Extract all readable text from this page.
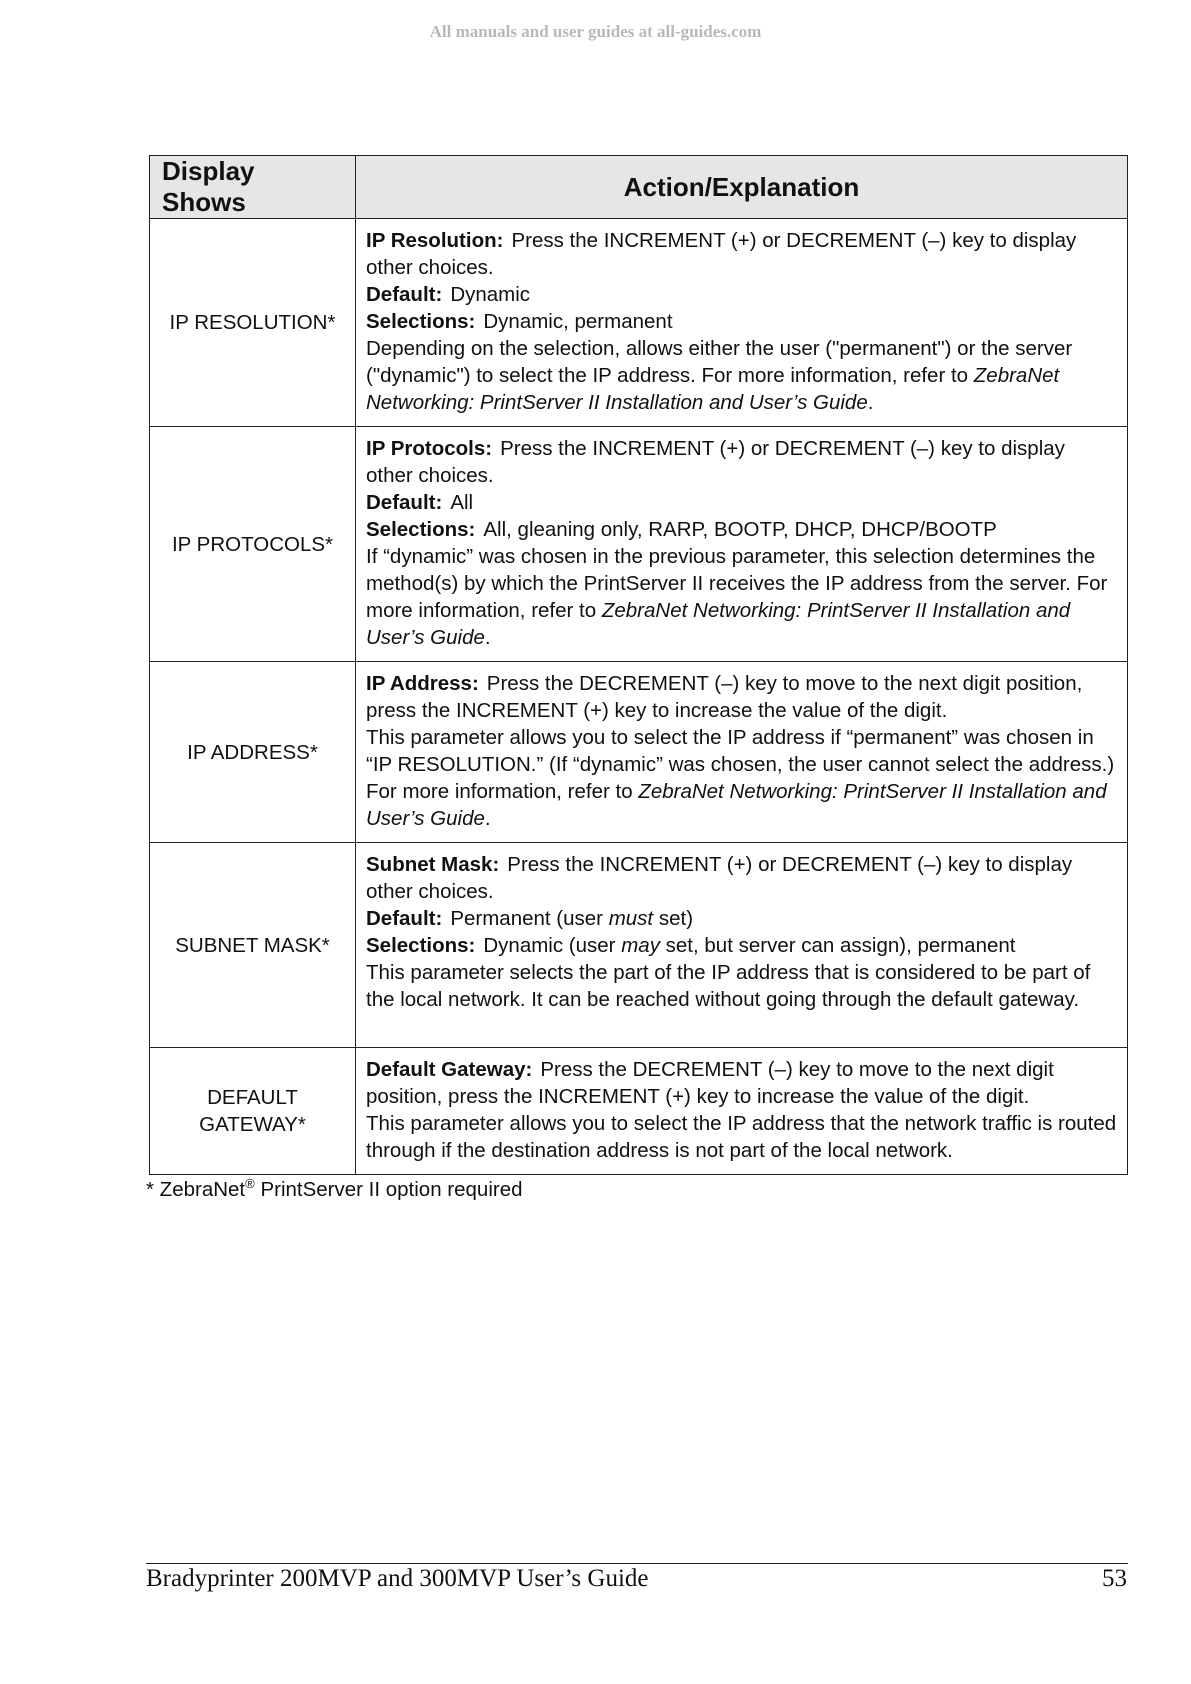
All manuals and user guides at all-guides.com
Display Shows	Action/Explanation
IP RESOLUTION*	IP Resolution: Press the INCREMENT (+) or DECREMENT (–) key to display other choices.
Default: Dynamic
Selections: Dynamic, permanent
Depending on the selection, allows either the user ("permanent") or the server ("dynamic") to select the IP address. For more information, refer to ZebraNet Networking: PrintServer II Installation and User’s Guide.

IP PROTOCOLS*	IP Protocols: Press the INCREMENT (+) or DECREMENT (–) key to display other choices.
Default: All
Selections: All, gleaning only, RARP, BOOTP, DHCP, DHCP/BOOTP
If “dynamic” was chosen in the previous parameter, this selection determines the method(s) by which the PrintServer II receives the IP address from the server. For more information, refer to ZebraNet Networking: PrintServer II Installation and User’s Guide.

IP ADDRESS*	IP Address: Press the DECREMENT (–) key to move to the next digit position, press the INCREMENT (+) key to increase the value of the digit.
This parameter allows you to select the IP address if “permanent” was chosen in “IP RESOLUTION.” (If “dynamic” was chosen, the user cannot select the address.) For more information, refer to ZebraNet Networking: PrintServer II Installation and User’s Guide.

SUBNET MASK*	Subnet Mask: Press the INCREMENT (+) or DECREMENT (–) key to display other choices.
Default: Permanent (user must set)
Selections: Dynamic (user may set, but server can assign), permanent
This parameter selects the part of the IP address that is considered to be part of the local network. It can be reached without going through the default gateway.

DEFAULT
GATEWAY*	Default Gateway: Press the DECREMENT (–) key to move to the next digit position, press the INCREMENT (+) key to increase the value of the digit.
This parameter allows you to select the IP address that the network traffic is routed through if the destination address is not part of the local network.
* ZebraNet® PrintServer II option required
Bradyprinter 200MVP and 300MVP User’s Guide	53
